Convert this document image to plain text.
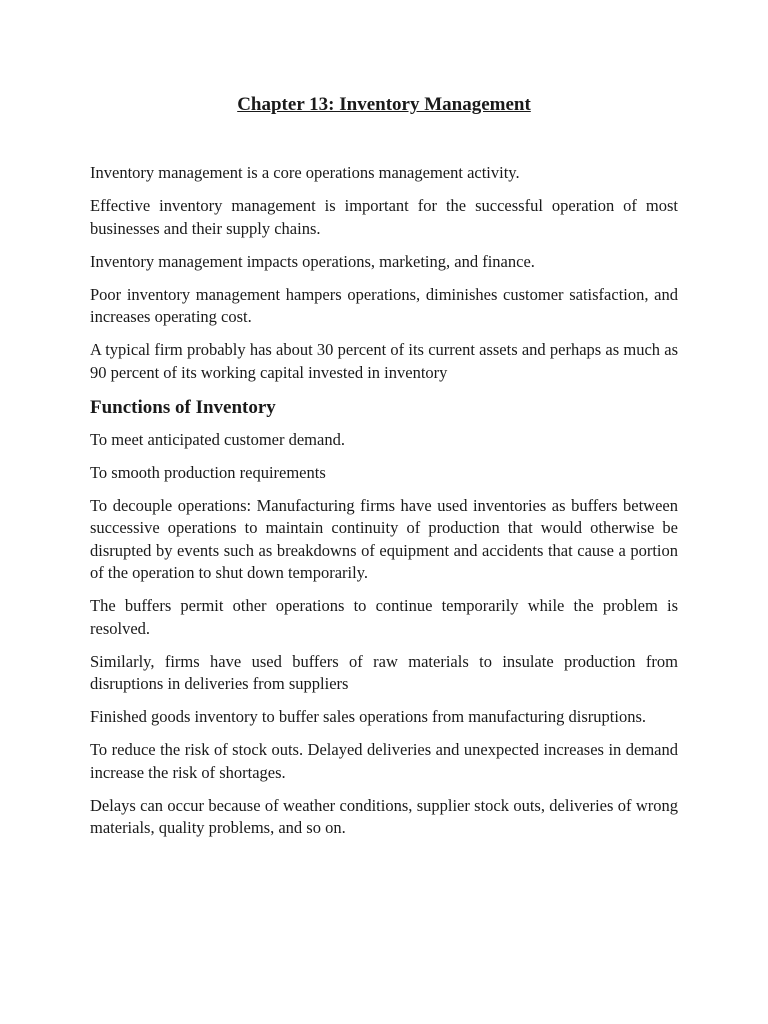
Chapter 13: Inventory Management

Inventory management is a core operations management activity.

Effective inventory management is important for the successful operation of most businesses and their supply chains.

Inventory management impacts operations, marketing, and finance.

Poor inventory management hampers operations, diminishes customer satisfaction, and increases operating cost.

A typical firm probably has about 30 percent of its current assets and perhaps as much as 90 percent of its working capital invested in inventory

Functions of Inventory

To meet anticipated customer demand.

To smooth production requirements

To decouple operations: Manufacturing firms have used inventories as buffers between successive operations to maintain continuity of production that would otherwise be disrupted by events such as breakdowns of equipment and accidents that cause a portion of the operation to shut down temporarily.

The buffers permit other operations to continue temporarily while the problem is resolved.

Similarly, firms have used buffers of raw materials to insulate production from disruptions in deliveries from suppliers

Finished goods inventory to buffer sales operations from manufacturing disruptions.

To reduce the risk of stock outs. Delayed deliveries and unexpected increases in demand increase the risk of shortages.

Delays can occur because of weather conditions, supplier stock outs, deliveries of wrong materials, quality problems, and so on.
